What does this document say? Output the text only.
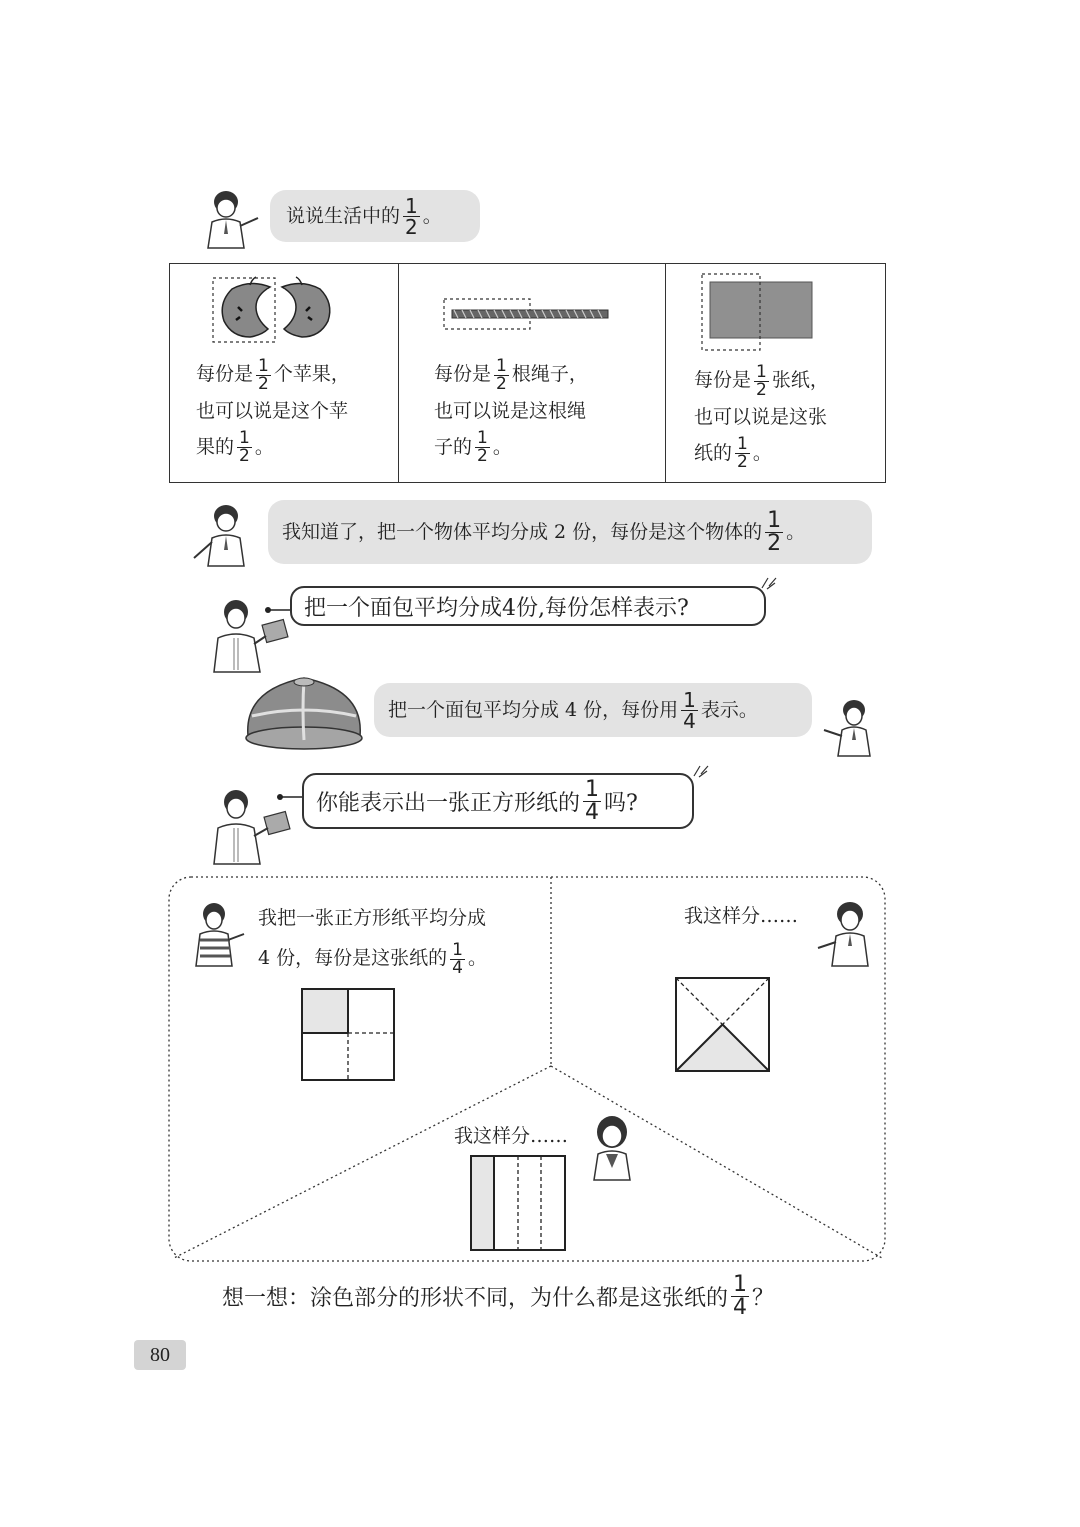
说说生活中的 $\frac{1}{2}$ 。
每份是 $\frac{1}{2}$ 个苹果，
也可以说是这个苹
果的 $\frac{1}{2}$ 。
每份是 $\frac{1}{2}$ 根绳子，
也可以说是这根绳
子的 $\frac{1}{2}$ 。
每份是 $\frac{1}{2}$ 张纸，
也可以说是这张
纸的 $\frac{1}{2}$ 。
我知道了，把一个物体平均分成 2 份，每份是这个物体的 $\frac{1}{2}$ 。
把一个面包平均分成4份,每份怎样表示?
把一个面包平均分成 4 份，每份用 $\frac{1}{4}$ 表示。
你能表示出一张正方形纸的 $\frac{1}{4}$ 吗?
我把一张正方形纸平均分成
4 份，每份是这张纸的 $\frac{1}{4}$ 。
我这样分……
我这样分……
想一想：涂色部分的形状不同，为什么都是这张纸的 $\frac{1}{4}$ ？
80
